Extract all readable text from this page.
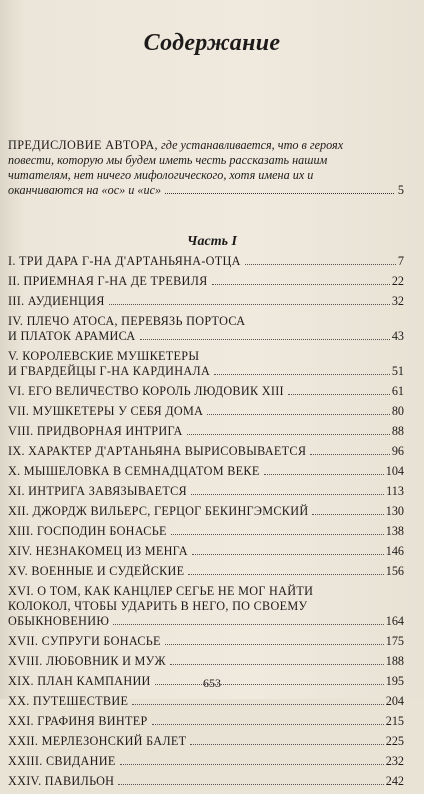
Содержание
ПРЕДИСЛОВИЕ АВТОРА, где устанавливается, что в героях
повести, которую мы будем иметь честь рассказать нашим
читателям, нет ничего мифологического, хотя имена их и
оканчиваются на «ос» и «ис»	5
Часть I
I. ТРИ ДАРА Г-НА Д'АРТАНЬЯНА-ОТЦА	7
II. ПРИЕМНАЯ Г-НА ДЕ ТРЕВИЛЯ	22
III. АУДИЕНЦИЯ	32
IV. ПЛЕЧО АТОСА, ПЕРЕВЯЗЬ ПОРТОСА
И ПЛАТОК АРАМИСА	43
V. КОРОЛЕВСКИЕ МУШКЕТЕРЫ
И ГВАРДЕЙЦЫ Г-НА КАРДИНАЛА	51
VI. ЕГО ВЕЛИЧЕСТВО КОРОЛЬ ЛЮДОВИК XIII	61
VII. МУШКЕТЕРЫ У СЕБЯ ДОМА	80
VIII. ПРИДВОРНАЯ ИНТРИГА	88
IX. ХАРАКТЕР Д'АРТАНЬЯНА ВЫРИСОВЫВАЕТСЯ	96
X. МЫШЕЛОВКА В СЕМНАДЦАТОМ ВЕКЕ	104
XI. ИНТРИГА ЗАВЯЗЫВАЕТСЯ	113
XII. ДЖОРДЖ ВИЛЬЕРС, ГЕРЦОГ БЕКИНГЭМСКИЙ	130
XIII. ГОСПОДИН БОНАСЬЕ	138
XIV. НЕЗНАКОМЕЦ ИЗ МЕНГА	146
XV. ВОЕННЫЕ И СУДЕЙСКИЕ	156
XVI. О ТОМ, КАК КАНЦЛЕР СЕГЬЕ НЕ МОГ НАЙТИ
КОЛОКОЛ, ЧТОБЫ УДАРИТЬ В НЕГО, ПО СВОЕМУ
ОБЫКНОВЕНИЮ	164
XVII. СУПРУГИ БОНАСЬЕ	175
XVIII. ЛЮБОВНИК И МУЖ	188
XIX. ПЛАН КАМПАНИИ	195
XX. ПУТЕШЕСТВИЕ	204
XXI. ГРАФИНЯ ВИНТЕР	215
XXII. МЕРЛЕЗОНСКИЙ БАЛЕТ	225
XXIII. СВИДАНИЕ	232
XXIV. ПАВИЛЬОН	242
653
